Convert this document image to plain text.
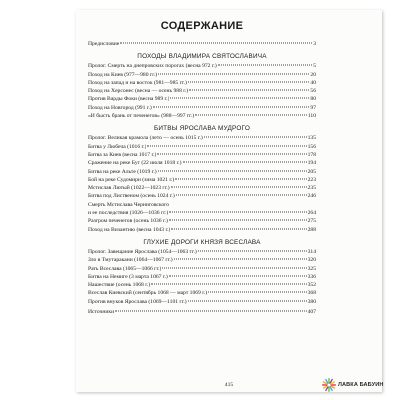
СОДЕРЖАНИЕ
Предисловие	3
ПОХОДЫ ВЛАДИМИРА СВЯТОСЛАВИЧА
Пролог. Смерть на днепровских порогах (весна 972 г.)	5
Поход на Киев (977—980 гг.)	20
Поход на запад и на восток (981—985 гг.)	40
Поход на Херсонес (весна — осень 988 г.)	56
Против Варды Фоки (весна 989 г.)	80
Поход на Новгород (991 г.)	97
«И бысть брань от печенегов» (988—997 гг.)	110
БИТВЫ ЯРОСЛАВА МУДРОГО
Пролог. Великая крамола (лето — осень 1015 г.)	135
Битва у Любеча (1016 г.)	156
Битва за Киев (весна 1017 г.)	178
Сражение на реке Буг (22 июля 1018 г.)	194
Битва на реке Альте (1019 г.)	205
Бой на реке Судомири (зима 1021 г.)	223
Мстислав Лютый (1022—1023 гг.)	235
Битва под Лиственом (осень 1024 г.)	246
Смерть Мстислава Черниговского
и ее последствия (1026—1036 гг.)	264
Разгром печенегов (осень 1036 г.)	275
Поход на Византию (весна 1043 г.)	288
ГЛУХИЕ ДОРОГИ КНЯЗЯ ВСЕСЛАВА
Пролог. Завещание Ярослава (1054—1063 гг.)	314
Зло в Тмутаракани (1064—1067 гг.)	320
Рать Всеслава (1065—1066 гг.)	325
Битва на Немиге (3 марта 1067 г.)	336
Нашествие (осень 1068 г.)	352
Всеслав Киевский (сентябрь 1068 — март 1069 г.)	368
Против внуков Ярослава (1069—1101 гг.)	380
Источники	407
415	ЛАВКА БАБУИН
